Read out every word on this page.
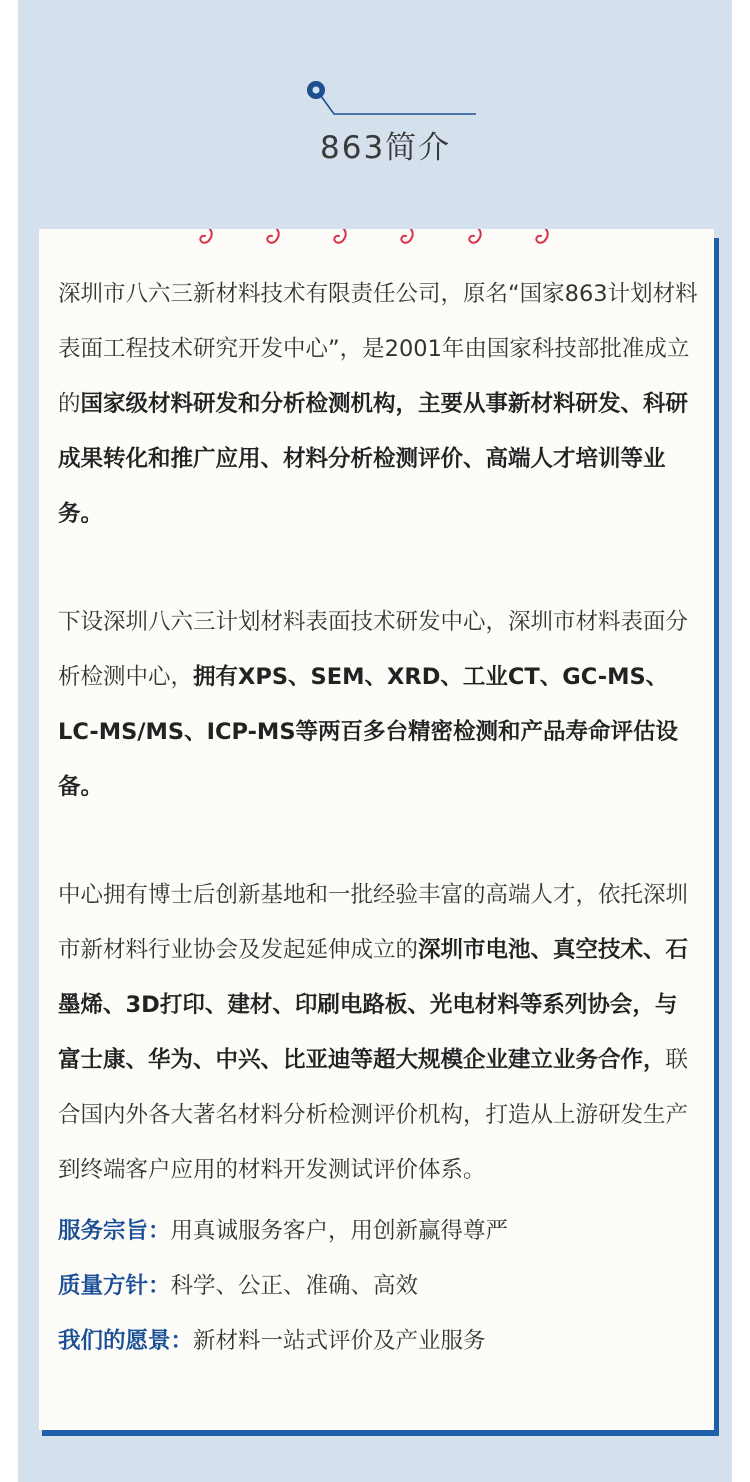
863简介

深圳市八六三新材料技术有限责任公司，原名“国家863计划材料表面工程技术研究开发中心”，是2001年由国家科技部批准成立的国家级材料研发和分析检测机构，主要从事新材料研发、科研成果转化和推广应用、材料分析检测评价、高端人才培训等业务。

下设深圳八六三计划材料表面技术研发中心，深圳市材料表面分析检测中心，拥有XPS、SEM、XRD、工业CT、GC-MS、LC-MS/MS、ICP-MS等两百多台精密检测和产品寿命评估设备。

中心拥有博士后创新基地和一批经验丰富的高端人才，依托深圳市新材料行业协会及发起延伸成立的深圳市电池、真空技术、石墨烯、3D打印、建材、印刷电路板、光电材料等系列协会，与富士康、华为、中兴、比亚迪等超大规模企业建立业务合作，联合国内外各大著名材料分析检测评价机构，打造从上游研发生产到终端客户应用的材料开发测试评价体系。

服务宗旨：用真诚服务客户，用创新赢得尊严
质量方针：科学、公正、准确、高效
我们的愿景：新材料一站式评价及产业服务
